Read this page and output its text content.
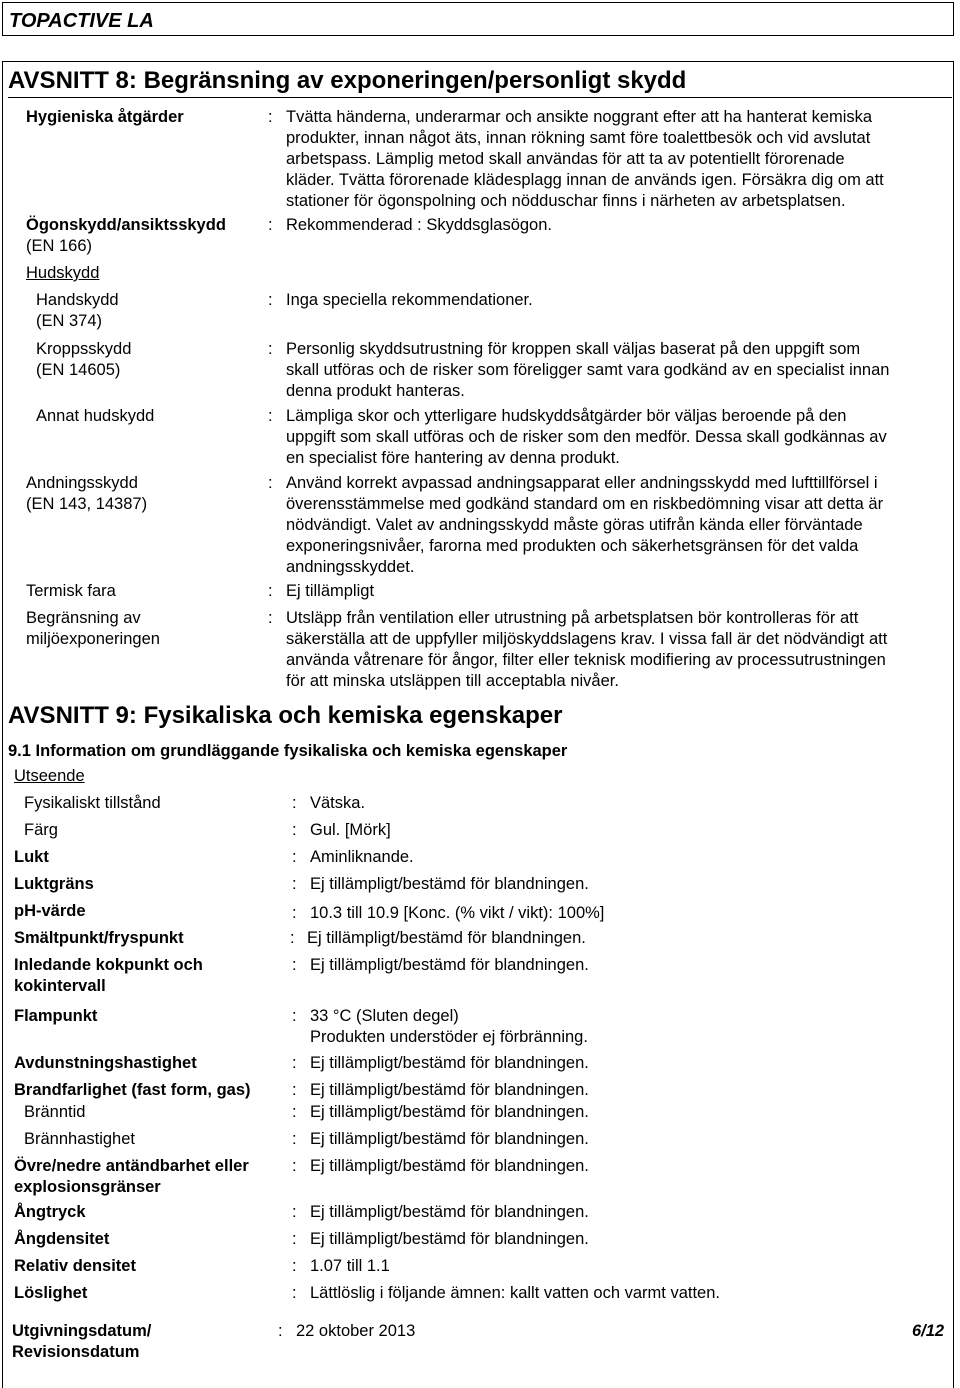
TOPACTIVE LA
AVSNITT 8: Begränsning av exponeringen/personligt skydd
Hygieniska åtgärder	: Tvätta händerna, underarmar och ansikte noggrant efter att ha hanterat kemiska
produkter, innan något äts, innan rökning samt före toalettbesök och vid avslutat
arbetspass. Lämplig metod skall användas för att ta av potentiellt förorenade
kläder. Tvätta förorenade klädesplagg innan de används igen. Försäkra dig om att
stationer för ögonspolning och nödduschar finns i närheten av arbetsplatsen.
Ögonskydd/ansiktsskydd
(EN 166)
: Rekommenderad : Skyddsglasögon.
Hudskydd
Handskydd
(EN 374)
: Inga speciella rekommendationer.
Kroppsskydd
(EN 14605)
: Personlig skyddsutrustning för kroppen skall väljas baserat på den uppgift som
skall utföras och de risker som föreligger samt vara godkänd av en specialist innan
denna produkt hanteras.
Annat hudskydd	: Lämpliga skor och ytterligare hudskyddsåtgärder bör väljas beroende på den
uppgift som skall utföras och de risker som den medför. Dessa skall godkännas av
en specialist före hantering av denna produkt.
Andningsskydd
(EN 143, 14387)
: Använd korrekt avpassad andningsapparat eller andningsskydd med lufttillförsel i
överensstämmelse med godkänd standard om en riskbedömning visar att detta är
nödvändigt. Valet av andningsskydd måste göras utifrån kända eller förväntade
exponeringsnivåer, farorna med produkten och säkerhetsgränsen för det valda
andningsskyddet.
Termisk fara	: Ej tillämpligt
Begränsning av
miljöexponeringen
: Utsläpp från ventilation eller utrustning på arbetsplatsen bör kontrolleras för att
säkerställa att de uppfyller miljöskyddslagens krav. I vissa fall är det nödvändigt att
använda våtrenare för ångor, filter eller teknisk modifiering av processutrustningen
för att minska utsläppen till acceptabla nivåer.
AVSNITT 9: Fysikaliska och kemiska egenskaper
9.1 Information om grundläggande fysikaliska och kemiska egenskaper
Utseende
Fysikaliskt tillstånd	: Vätska.
Färg	: Gul. [Mörk]
Lukt	: Aminliknande.
Luktgräns	: Ej tillämpligt/bestämd för blandningen.
pH-värde	: 10.3 till 10.9 [Konc. (% vikt / vikt): 100%]
Smältpunkt/fryspunkt	: Ej tillämpligt/bestämd för blandningen.
Inledande kokpunkt och
kokintervall
: Ej tillämpligt/bestämd för blandningen.
Flampunkt	: 33 °C (Sluten degel)
Produkten understöder ej förbränning.
Avdunstningshastighet	: Ej tillämpligt/bestämd för blandningen.
Brandfarlighet (fast form, gas)	: Ej tillämpligt/bestämd för blandningen.
Bränntid	: Ej tillämpligt/bestämd för blandningen.
Brännhastighet	: Ej tillämpligt/bestämd för blandningen.
Övre/nedre antändbarhet eller
explosionsgränser
: Ej tillämpligt/bestämd för blandningen.
Ångtryck	: Ej tillämpligt/bestämd för blandningen.
Ångdensitet	: Ej tillämpligt/bestämd för blandningen.
Relativ densitet	: 1.07 till 1.1
Löslighet	: Lättlöslig i följande ämnen: kallt vatten och varmt vatten.
Utgivningsdatum/
Revisionsdatum
: 22 oktober 2013	6/12
